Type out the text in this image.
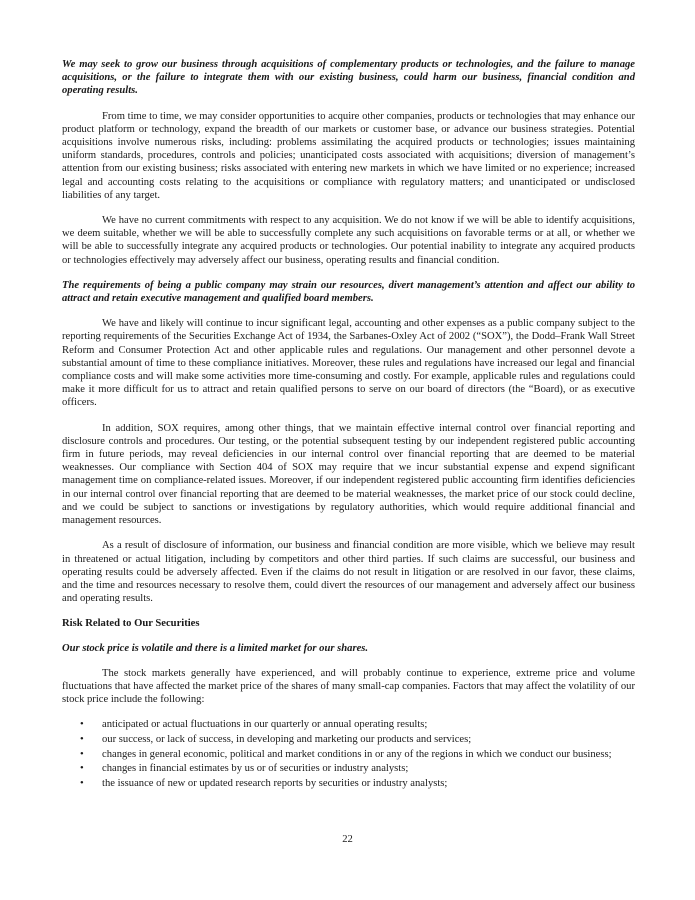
We may seek to grow our business through acquisitions of complementary products or technologies, and the failure to manage acquisitions, or the failure to integrate them with our existing business, could harm our business, financial condition and operating results.

From time to time, we may consider opportunities to acquire other companies, products or technologies that may enhance our product platform or technology, expand the breadth of our markets or customer base, or advance our business strategies. Potential acquisitions involve numerous risks, including: problems assimilating the acquired products or technologies; issues maintaining uniform standards, procedures, controls and policies; unanticipated costs associated with acquisitions; diversion of management’s attention from our existing business; risks associated with entering new markets in which we have limited or no experience; increased legal and accounting costs relating to the acquisitions or compliance with regulatory matters; and unanticipated or undisclosed liabilities of any target.

We have no current commitments with respect to any acquisition. We do not know if we will be able to identify acquisitions, we deem suitable, whether we will be able to successfully complete any such acquisitions on favorable terms or at all, or whether we will be able to successfully integrate any acquired products or technologies. Our potential inability to integrate any acquired products or technologies effectively may adversely affect our business, operating results and financial condition.

The requirements of being a public company may strain our resources, divert management’s attention and affect our ability to attract and retain executive management and qualified board members.

We have and likely will continue to incur significant legal, accounting and other expenses as a public company subject to the reporting requirements of the Securities Exchange Act of 1934, the Sarbanes-Oxley Act of 2002 (“SOX”), the Dodd–Frank Wall Street Reform and Consumer Protection Act and other applicable rules and regulations. Our management and other personnel devote a substantial amount of time to these compliance initiatives. Moreover, these rules and regulations have increased our legal and financial compliance costs and will make some activities more time-consuming and costly. For example, applicable rules and regulations could make it more difficult for us to attract and retain qualified persons to serve on our board of directors (the “Board), or as executive officers.

In addition, SOX requires, among other things, that we maintain effective internal control over financial reporting and disclosure controls and procedures. Our testing, or the potential subsequent testing by our independent registered public accounting firm in future periods, may reveal deficiencies in our internal control over financial reporting that are deemed to be material weaknesses. Our compliance with Section 404 of SOX may require that we incur substantial expense and expend significant management time on compliance-related issues. Moreover, if our independent registered public accounting firm identifies deficiencies in our internal control over financial reporting that are deemed to be material weaknesses, the market price of our stock could decline, and we could be subject to sanctions or investigations by regulatory authorities, which would require additional financial and management resources.

As a result of disclosure of information, our business and financial condition are more visible, which we believe may result in threatened or actual litigation, including by competitors and other third parties. If such claims are successful, our business and operating results could be adversely affected. Even if the claims do not result in litigation or are resolved in our favor, these claims, and the time and resources necessary to resolve them, could divert the resources of our management and adversely affect our business and operating results.

Risk Related to Our Securities

Our stock price is volatile and there is a limited market for our shares.

The stock markets generally have experienced, and will probably continue to experience, extreme price and volume fluctuations that have affected the market price of the shares of many small-cap companies. Factors that may affect the volatility of our stock price include the following:

• anticipated or actual fluctuations in our quarterly or annual operating results;
• our success, or lack of success, in developing and marketing our products and services;
• changes in general economic, political and market conditions in or any of the regions in which we conduct our business;
• changes in financial estimates by us or of securities or industry analysts;
• the issuance of new or updated research reports by securities or industry analysts;
22
